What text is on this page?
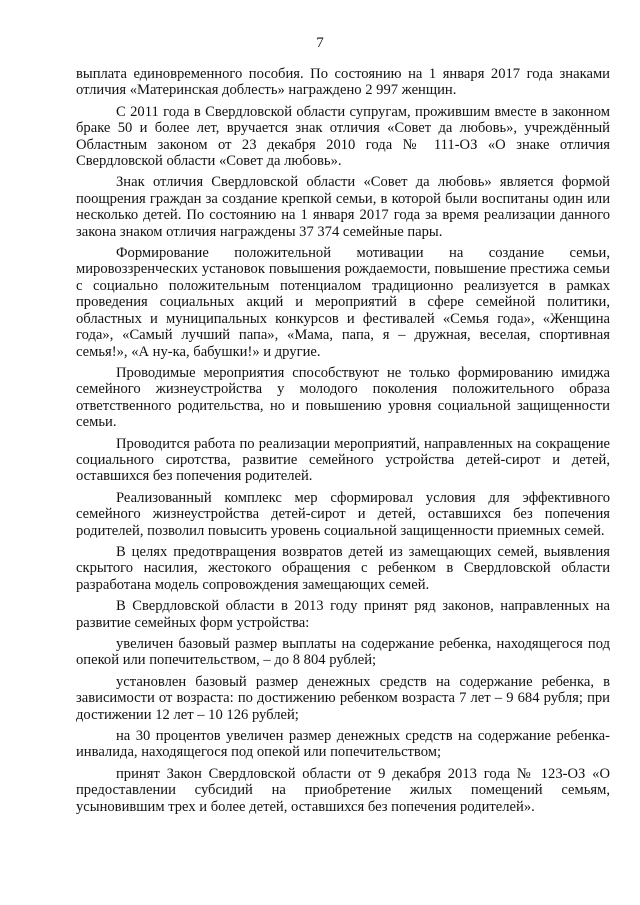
7

выплата единовременного пособия. По состоянию на 1 января 2017 года знаками отличия «Материнская доблесть» награждено 2 997 женщин.

С 2011 года в Свердловской области супругам, прожившим вместе в законном браке 50 и более лет, вручается знак отличия «Совет да любовь», учреждённый Областным законом от 23 декабря 2010 года № 111-ОЗ «О знаке отличия Свердловской области «Совет да любовь».

Знак отличия Свердловской области «Совет да любовь» является формой поощрения граждан за создание крепкой семьи, в которой были воспитаны один или несколько детей. По состоянию на 1 января 2017 года за время реализации данного закона знаком отличия награждены 37 374 семейные пары.

Формирование положительной мотивации на создание семьи, мировоззренческих установок повышения рождаемости, повышение престижа семьи с социально положительным потенциалом традиционно реализуется в рамках проведения социальных акций и мероприятий в сфере семейной политики, областных и муниципальных конкурсов и фестивалей «Семья года», «Женщина года», «Самый лучший папа», «Мама, папа, я – дружная, веселая, спортивная семья!», «А ну-ка, бабушки!» и другие.

Проводимые мероприятия способствуют не только формированию имиджа семейного жизнеустройства у молодого поколения положительного образа ответственного родительства, но и повышению уровня социальной защищенности семьи.

Проводится работа по реализации мероприятий, направленных на сокращение социального сиротства, развитие семейного устройства детей-сирот и детей, оставшихся без попечения родителей.

Реализованный комплекс мер сформировал условия для эффективного семейного жизнеустройства детей-сирот и детей, оставшихся без попечения родителей, позволил повысить уровень социальной защищенности приемных семей.

В целях предотвращения возвратов детей из замещающих семей, выявления скрытого насилия, жестокого обращения с ребенком в Свердловской области разработана модель сопровождения замещающих семей.

В Свердловской области в 2013 году принят ряд законов, направленных на развитие семейных форм устройства:

увеличен базовый размер выплаты на содержание ребенка, находящегося под опекой или попечительством, – до 8 804 рублей;

установлен базовый размер денежных средств на содержание ребенка, в зависимости от возраста: по достижению ребенком возраста 7 лет – 9 684 рубля; при достижении 12 лет – 10 126 рублей;

на 30 процентов увеличен размер денежных средств на содержание ребенка-инвалида, находящегося под опекой или попечительством;

принят Закон Свердловской области от 9 декабря 2013 года № 123-ОЗ «О предоставлении субсидий на приобретение жилых помещений семьям, усыновившим трех и более детей, оставшихся без попечения родителей».
